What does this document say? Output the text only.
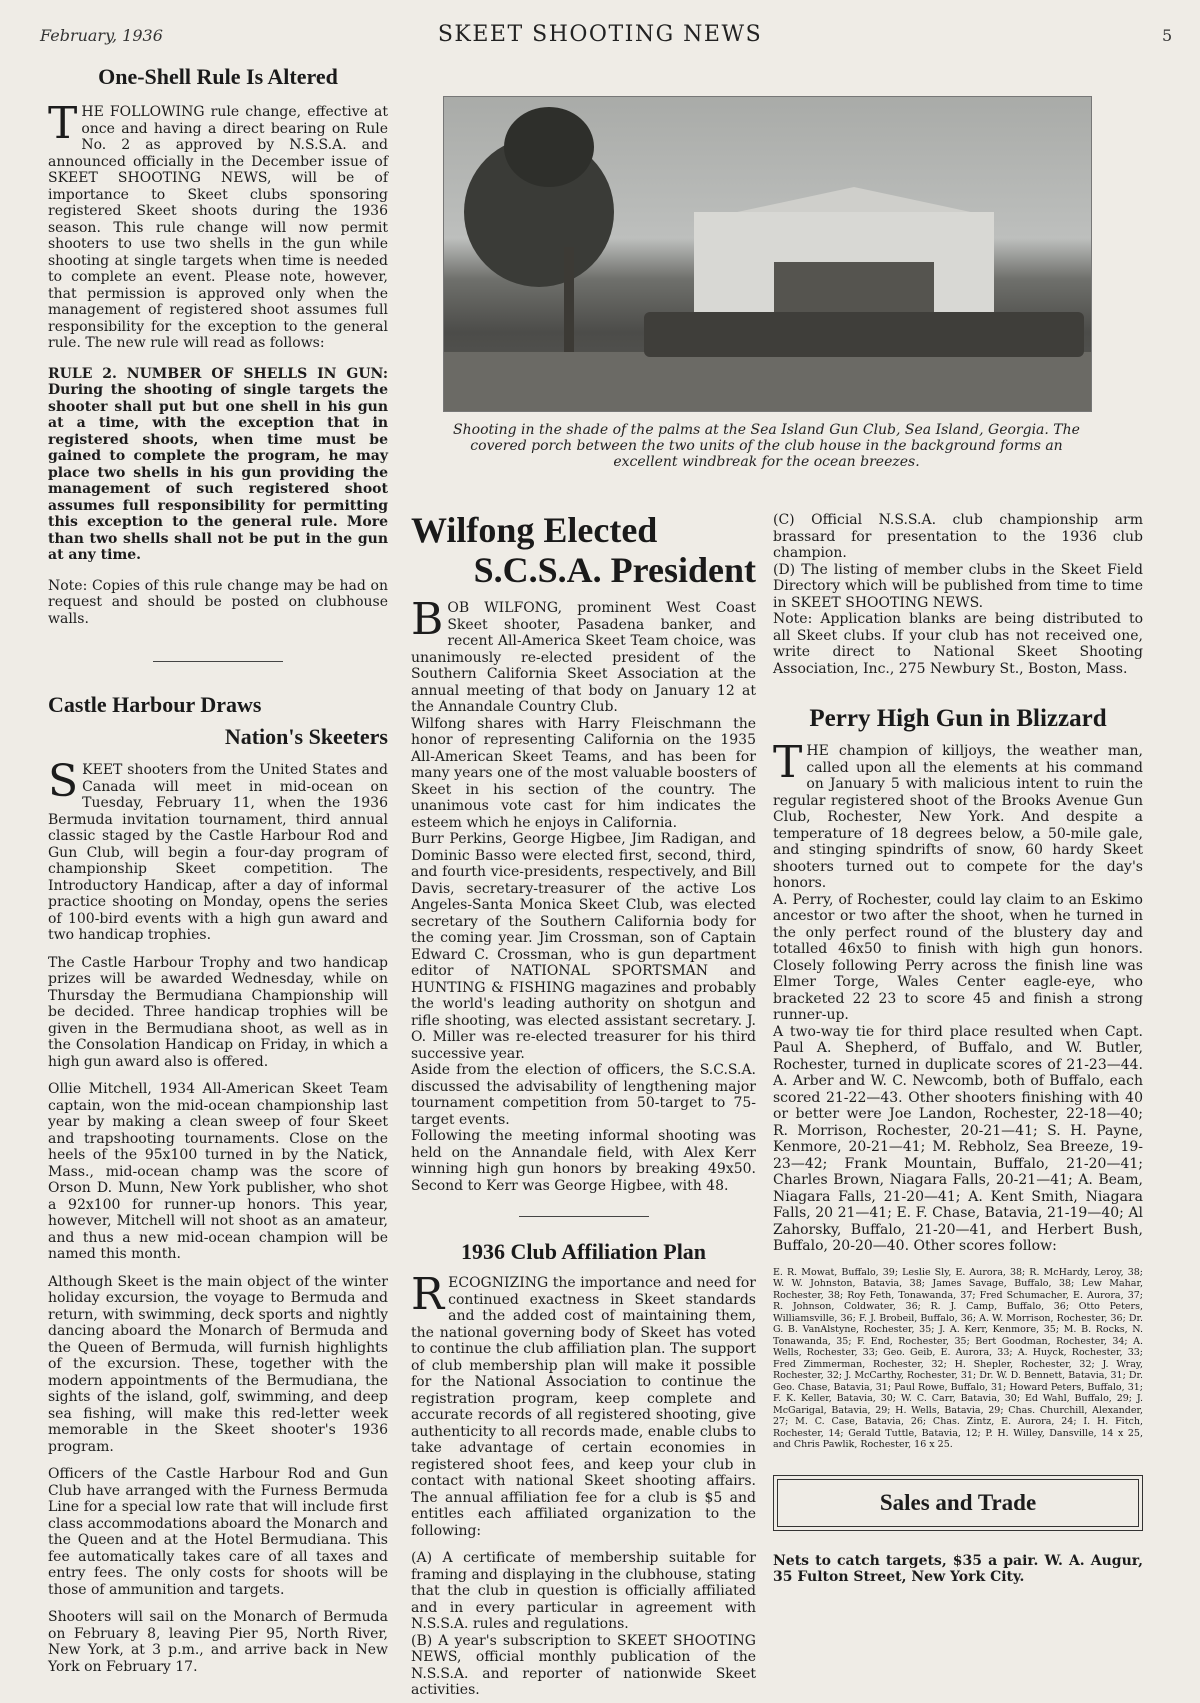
February, 1936	SKEET SHOOTING NEWS	5
One-Shell Rule Is Altered

THE FOLLOWING rule change, effective at once and having a direct bearing on Rule No. 2 as approved by N.S.S.A. and announced officially in the December issue of SKEET SHOOTING NEWS, will be of importance to Skeet clubs sponsoring registered Skeet shoots during the 1936 season. This rule change will now permit shooters to use two shells in the gun while shooting at single targets when time is needed to complete an event. Please note, however, that permission is approved only when the management of registered shoot assumes full responsibility for the exception to the general rule. The new rule will read as follows:

RULE 2. NUMBER OF SHELLS IN GUN: During the shooting of single targets the shooter shall put but one shell in his gun at a time, with the exception that in registered shoots, when time must be gained to complete the program, he may place two shells in his gun providing the management of such registered shoot assumes full responsibility for permitting this exception to the general rule. More than two shells shall not be put in the gun at any time.

Note: Copies of this rule change may be had on request and should be posted on clubhouse walls.

Castle Harbour Draws
Nation's Skeeters

SKEET shooters from the United States and Canada will meet in mid-ocean on Tuesday, February 11, when the 1936 Bermuda invitation tournament, third annual classic staged by the Castle Harbour Rod and Gun Club, will begin a four-day program of championship Skeet competition. The Introductory Handicap, after a day of informal practice shooting on Monday, opens the series of 100-bird events with a high gun award and two handicap trophies.

The Castle Harbour Trophy and two handicap prizes will be awarded Wednesday, while on Thursday the Bermudiana Championship will be decided. Three handicap trophies will be given in the Bermudiana shoot, as well as in the Consolation Handicap on Friday, in which a high gun award also is offered.

Ollie Mitchell, 1934 All-American Skeet Team captain, won the mid-ocean championship last year by making a clean sweep of four Skeet and trapshooting tournaments. Close on the heels of the 95x100 turned in by the Natick, Mass., mid-ocean champ was the score of Orson D. Munn, New York publisher, who shot a 92x100 for runner-up honors. This year, however, Mitchell will not shoot as an amateur, and thus a new mid-ocean champion will be named this month.

Although Skeet is the main object of the winter holiday excursion, the voyage to Bermuda and return, with swimming, deck sports and nightly dancing aboard the Monarch of Bermuda and the Queen of Bermuda, will furnish highlights of the excursion. These, together with the modern appointments of the Bermudiana, the sights of the island, golf, swimming, and deep sea fishing, will make this red-letter week memorable in the Skeet shooter's 1936 program.

Officers of the Castle Harbour Rod and Gun Club have arranged with the Furness Bermuda Line for a special low rate that will include first class accommodations aboard the Monarch and the Queen and at the Hotel Bermudiana. This fee automatically takes care of all taxes and entry fees. The only costs for shoots will be those of ammunition and targets.

Shooters will sail on the Monarch of Bermuda on February 8, leaving Pier 95, North River, New York, at 3 p.m., and arrive back in New York on February 17.

Shooting in the shade of the palms at the Sea Island Gun Club, Sea Island, Georgia. The covered porch between the two units of the club house in the background forms an excellent windbreak for the ocean breezes.
Wilfong Elected
S.C.S.A. President

BOB WILFONG, prominent West Coast Skeet shooter, Pasadena banker, and recent All-America Skeet Team choice, was unanimously re-elected president of the Southern California Skeet Association at the annual meeting of that body on January 12 at the Annandale Country Club.

Wilfong shares with Harry Fleischmann the honor of representing California on the 1935 All-American Skeet Teams, and has been for many years one of the most valuable boosters of Skeet in his section of the country. The unanimous vote cast for him indicates the esteem which he enjoys in California.

Burr Perkins, George Higbee, Jim Radigan, and Dominic Basso were elected first, second, third, and fourth vice-presidents, respectively, and Bill Davis, secretary-treasurer of the active Los Angeles-Santa Monica Skeet Club, was elected secretary of the Southern California body for the coming year. Jim Crossman, son of Captain Edward C. Crossman, who is gun department editor of NATIONAL SPORTSMAN and HUNTING & FISHING magazines and probably the world's leading authority on shotgun and rifle shooting, was elected assistant secretary. J. O. Miller was re-elected treasurer for his third successive year.

Aside from the election of officers, the S.C.S.A. discussed the advisability of lengthening major tournament competition from 50-target to 75-target events.

Following the meeting informal shooting was held on the Annandale field, with Alex Kerr winning high gun honors by breaking 49x50. Second to Kerr was George Higbee, with 48.

1936 Club Affiliation Plan

RECOGNIZING the importance and need for continued exactness in Skeet standards and the added cost of maintaining them, the national governing body of Skeet has voted to continue the club affiliation plan. The support of club membership plan will make it possible for the National Association to continue the registration program, keep complete and accurate records of all registered shooting, give authenticity to all records made, enable clubs to take advantage of certain economies in registered shoot fees, and keep your club in contact with national Skeet shooting affairs. The annual affiliation fee for a club is $5 and entitles each affiliated organization to the following:

(A) A certificate of membership suitable for framing and displaying in the clubhouse, stating that the club in question is officially affiliated and in every particular in agreement with N.S.S.A. rules and regulations.

(B) A year's subscription to SKEET SHOOTING NEWS, official monthly publication of the N.S.S.A. and reporter of nationwide Skeet activities.

(C) Official N.S.S.A. club championship arm brassard for presentation to the 1936 club champion.

(D) The listing of member clubs in the Skeet Field Directory which will be published from time to time in SKEET SHOOTING NEWS.

Note: Application blanks are being distributed to all Skeet clubs. If your club has not received one, write direct to National Skeet Shooting Association, Inc., 275 Newbury St., Boston, Mass.

Perry High Gun in Blizzard

THE champion of killjoys, the weather man, called upon all the elements at his command on January 5 with malicious intent to ruin the regular registered shoot of the Brooks Avenue Gun Club, Rochester, New York. And despite a temperature of 18 degrees below, a 50-mile gale, and stinging spindrifts of snow, 60 hardy Skeet shooters turned out to compete for the day's honors.

A. Perry, of Rochester, could lay claim to an Eskimo ancestor or two after the shoot, when he turned in the only perfect round of the blustery day and totalled 46x50 to finish with high gun honors. Closely following Perry across the finish line was Elmer Torge, Wales Center eagle-eye, who bracketed 22 23 to score 45 and finish a strong runner-up.

A two-way tie for third place resulted when Capt. Paul A. Shepherd, of Buffalo, and W. Butler, Rochester, turned in duplicate scores of 21-23—44. A. Arber and W. C. Newcomb, both of Buffalo, each scored 21-22—43. Other shooters finishing with 40 or better were Joe Landon, Rochester, 22-18—40; R. Morrison, Rochester, 20-21—41; S. H. Payne, Kenmore, 20-21—41; M. Rebholz, Sea Breeze, 19-23—42; Frank Mountain, Buffalo, 21-20—41; Charles Brown, Niagara Falls, 20-21—41; A. Beam, Niagara Falls, 21-20—41; A. Kent Smith, Niagara Falls, 20 21—41; E. F. Chase, Batavia, 21-19—40; Al Zahorsky, Buffalo, 21-20—41, and Herbert Bush, Buffalo, 20-20—40. Other scores follow:

E. R. Mowat, Buffalo, 39; Leslie Sly, E. Aurora, 38; R. McHardy, Leroy, 38; W. W. Johnston, Batavia, 38; James Savage, Buffalo, 38; Lew Mahar, Rochester, 38; Roy Feth, Tonawanda, 37; Fred Schumacher, E. Aurora, 37; R. Johnson, Coldwater, 36; R. J. Camp, Buffalo, 36; Otto Peters, Williamsville, 36; F. J. Brobeil, Buffalo, 36; A. W. Morrison, Rochester, 36; Dr. G. B. VanAlstyne, Rochester, 35; J. A. Kerr, Kenmore, 35; M. B. Rocks, N. Tonawanda, 35; F. End, Rochester, 35; Bert Goodman, Rochester, 34; A. Wells, Rochester, 33; Geo. Geib, E. Aurora, 33; A. Huyck, Rochester, 33; Fred Zimmerman, Rochester, 32; H. Shepler, Rochester, 32; J. Wray, Rochester, 32; J. McCarthy, Rochester, 31; Dr. W. D. Bennett, Batavia, 31; Dr. Geo. Chase, Batavia, 31; Paul Rowe, Buffalo, 31; Howard Peters, Buffalo, 31; F. K. Keller, Batavia, 30; W. C. Carr, Batavia, 30; Ed Wahl, Buffalo, 29; J. McGarigal, Batavia, 29; H. Wells, Batavia, 29; Chas. Churchill, Alexander, 27; M. C. Case, Batavia, 26; Chas. Zintz, E. Aurora, 24; I. H. Fitch, Rochester, 14; Gerald Tuttle, Batavia, 12; P. H. Willey, Dansville, 14 x 25, and Chris Pawlik, Rochester, 16 x 25.

Sales and Trade

Nets to catch targets, $35 a pair. W. A. Augur, 35 Fulton Street, New York City.
